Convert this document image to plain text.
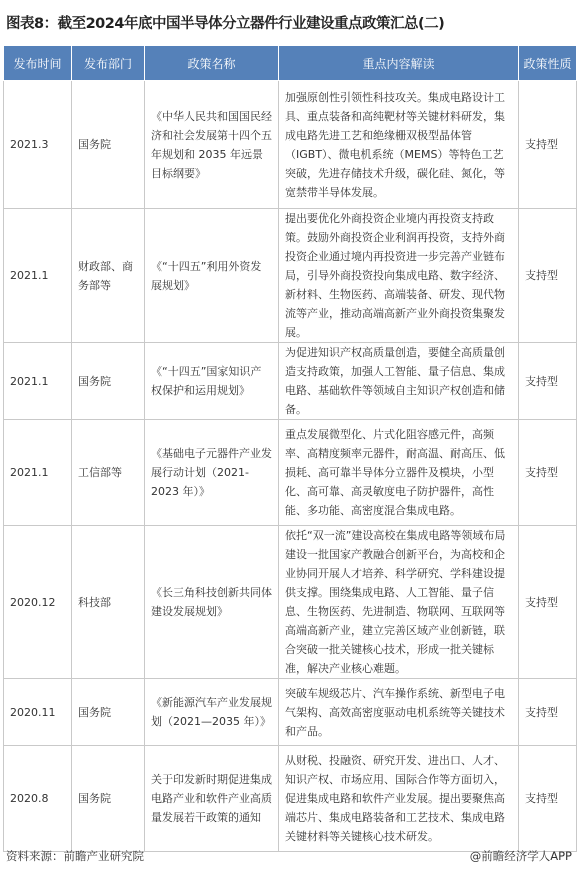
图表8：截至2024年底中国半导体分立器件行业建设重点政策汇总(二)
发布时间	发布部门	政策名称	重点内容解读	政策性质
2021.3	国务院	《中华人民共和国国民经济和社会发展第十四个五年规划和 2035 年远景目标纲要》	加强原创性引领性科技攻关。集成电路设计工具、重点装备和高纯靶材等关键材料研发，集成电路先进工艺和绝缘栅双极型晶体管（IGBT）、微电机系统（MEMS）等特色工艺突破，先进存储技术升级，碳化硅、氮化，等宽禁带半导体发展。	支持型
2021.1	财政部、商务部等	《“十四五”利用外资发展规划》	提出要优化外商投资企业境内再投资支持政策。鼓励外商投资企业利润再投资，支持外商投资企业通过境内再投资进一步完善产业链布局，引导外商投资投向集成电路、数字经济、新材料、生物医药、高端装备、研发、现代物流等产业，推动高端高新产业外商投资集聚发展。	支持型
2021.1	国务院	《“十四五”国家知识产权保护和运用规划》	为促进知识产权高质量创造，要健全高质量创造支持政策，加强人工智能、量子信息、集成电路、基础软件等领域自主知识产权创造和储备。	支持型
2021.1	工信部等	《基础电子元器件产业发展行动计划（2021-2023 年）》	重点发展微型化、片式化阻容感元件，高频率、高精度频率元器件，耐高温、耐高压、低损耗、高可靠半导体分立器件及模块，小型化、高可靠、高灵敏度电子防护器件，高性能、多功能、高密度混合集成电路。	支持型
2020.12	科技部	《长三角科技创新共同体建设发展规划》	依托“双一流”建设高校在集成电路等领域布局建设一批国家产教融合创新平台，为高校和企业协同开展人才培养、科学研究、学科建设提供支撑。围绕集成电路、人工智能、量子信息、生物医药、先进制造、物联网、互联网等高端高新产业，建立完善区域产业创新链，联合突破一批关键核心技术，形成一批关键标准，解决产业核心难题。	支持型
2020.11	国务院	《新能源汽车产业发展规划（2021—2035 年）》	突破车规级芯片、汽车操作系统、新型电子电气架构、高效高密度驱动电机系统等关键技术和产品。	支持型
2020.8	国务院	关于印发新时期促进集成电路产业和软件产业高质量发展若干政策的通知	从财税、投融资、研究开发、进出口、人才、知识产权、市场应用、国际合作等方面切入，促进集成电路和软件产业发展。提出要聚焦高端芯片、集成电路装备和工艺技术、集成电路关键材料等关键核心技术研发。	支持型
资料来源：前瞻产业研究院	@前瞻经济学人APP
